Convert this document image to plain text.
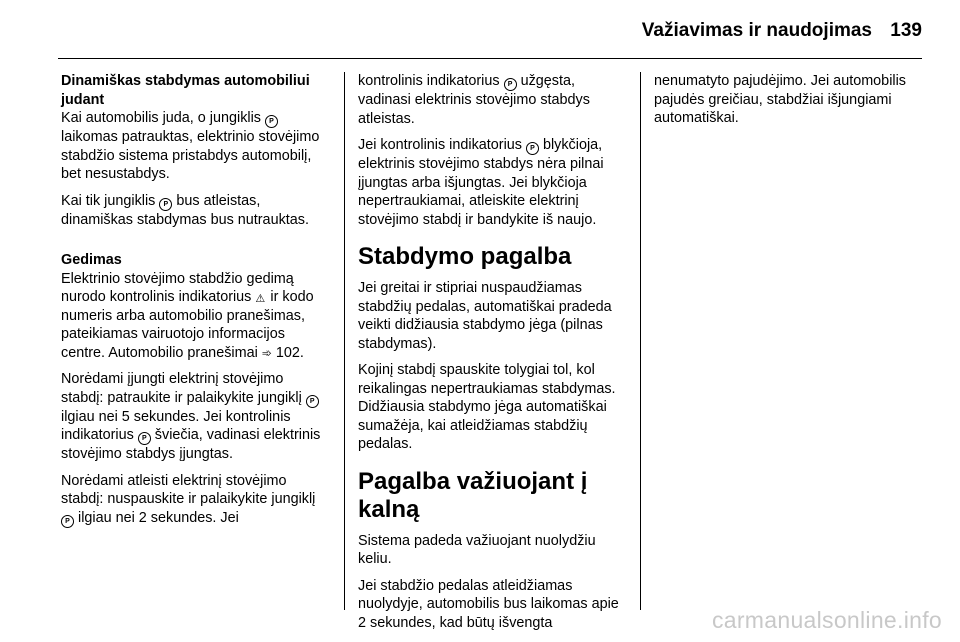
Važiavimas ir naudojimas 139
Dinamiškas stabdymas automobiliui judant

Kai automobilis juda, o jungiklis P laikomas patrauktas, elektrinio stovėjimo stabdžio sistema pristabdys automobilį, bet nesustabdys.

Kai tik jungiklis P bus atleistas, dinamiškas stabdymas bus nutrauktas.

Gedimas

Elektrinio stovėjimo stabdžio gedimą nurodo kontrolinis indikatorius ⚠ ir kodo numeris arba automobilio pranešimas, pateikiamas vairuotojo informacijos centre. Automobilio pranešimai ➾ 102.

Norėdami įjungti elektrinį stovėjimo stabdį: patraukite ir palaikykite jungiklį P ilgiau nei 5 sekundes. Jei kontrolinis indikatorius P šviečia, vadinasi elektrinis stovėjimo stabdys įjungtas.

Norėdami atleisti elektrinį stovėjimo stabdį: nuspauskite ir palaikykite jungiklį P ilgiau nei 2 sekundes. Jei

kontrolinis indikatorius P užgęsta, vadinasi elektrinis stovėjimo stabdys atleistas.

Jei kontrolinis indikatorius P blykčioja, elektrinis stovėjimo stabdys nėra pilnai įjungtas arba išjungtas. Jei blykčioja nepertraukiamai, atleiskite elektrinį stovėjimo stabdį ir bandykite iš naujo.

Stabdymo pagalba

Jei greitai ir stipriai nuspaudžiamas stabdžių pedalas, automatiškai pradeda veikti didžiausia stabdymo jėga (pilnas stabdymas).

Kojinį stabdį spauskite tolygiai tol, kol reikalingas nepertraukiamas stabdymas. Didžiausia stabdymo jėga automatiškai sumažėja, kai atleidžiamas stabdžių pedalas.

Pagalba važiuojant į kalną

Sistema padeda važiuojant nuolydžiu keliu.

Jei stabdžio pedalas atleidžiamas nuolydyje, automobilis bus laikomas apie 2 sekundes, kad būtų išvengta

nenumatyto pajudėjimo. Jei automobilis pajudės greičiau, stabdžiai išjungiami automatiškai.

carmanualsonline.info
